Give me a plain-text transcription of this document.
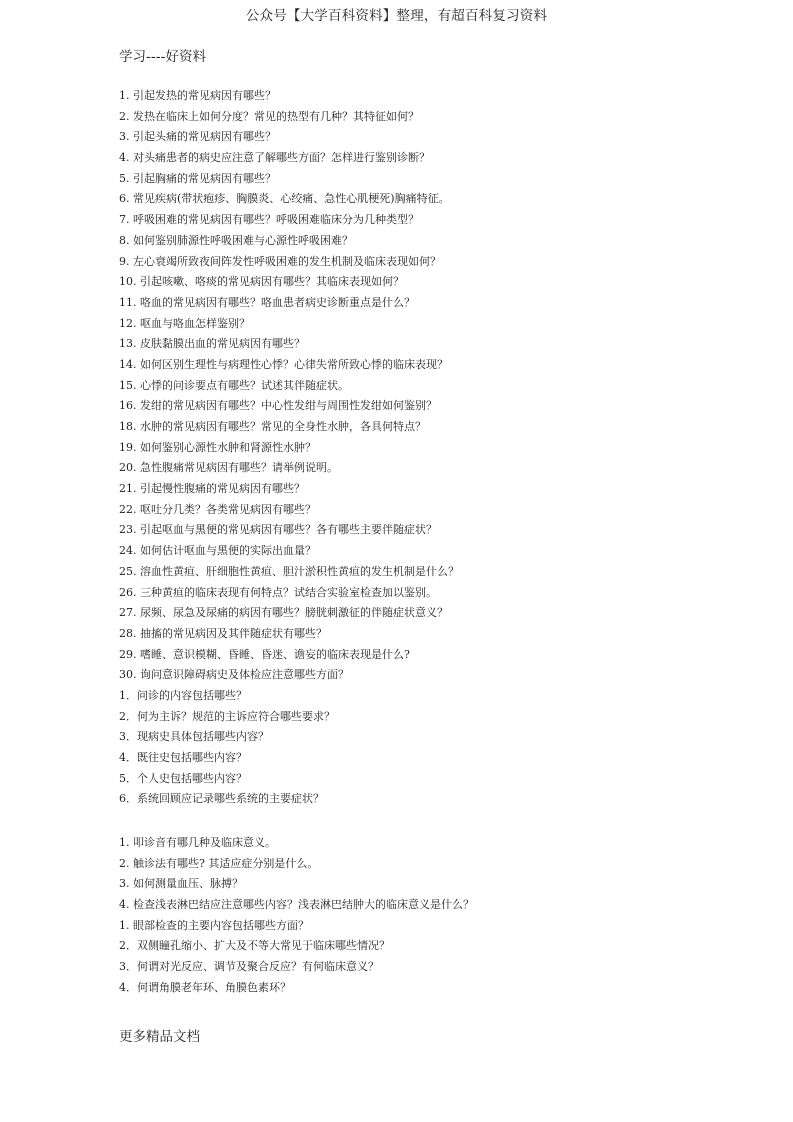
公众号【大学百科资料】整理，有超百科复习资料
学习----好资料
1. 引起发热的常见病因有哪些？
2. 发热在临床上如何分度？常见的热型有几种？其特征如何？
3. 引起头痛的常见病因有哪些？
4. 对头痛患者的病史应注意了解哪些方面？怎样进行鉴别诊断？
5. 引起胸痛的常见病因有哪些？
6. 常见疾病(带状疱疹、胸膜炎、心绞痛、急性心肌梗死)胸痛特征。
7. 呼吸困难的常见病因有哪些？呼吸困难临床分为几种类型？
8. 如何鉴别肺源性呼吸困难与心源性呼吸困难？
9. 左心衰竭所致夜间阵发性呼吸困难的发生机制及临床表现如何？
10. 引起咳嗽、咯痰的常见病因有哪些？其临床表现如何？
11. 咯血的常见病因有哪些？咯血患者病史诊断重点是什么？
12. 呕血与咯血怎样鉴别？
13. 皮肤黏膜出血的常见病因有哪些？
14. 如何区别生理性与病理性心悸？心律失常所致心悸的临床表现？
15. 心悸的问诊要点有哪些？试述其伴随症状。
16. 发绀的常见病因有哪些？中心性发绀与周围性发绀如何鉴别？
18. 水肿的常见病因有哪些？常见的全身性水肿，各具何特点？
19. 如何鉴别心源性水肿和肾源性水肿？
20. 急性腹痛常见病因有哪些？请举例说明。
21. 引起慢性腹痛的常见病因有哪些？
22. 呕吐分几类？各类常见病因有哪些？
23. 引起呕血与黑便的常见病因有哪些？各有哪些主要伴随症状？
24. 如何估计呕血与黑便的实际出血量？
25. 溶血性黄疸、肝细胞性黄疸、胆汁淤积性黄疸的发生机制是什么？
26. 三种黄疸的临床表现有何特点？试结合实验室检查加以鉴别。
27. 尿频、尿急及尿痛的病因有哪些？膀胱刺激征的伴随症状意义？
28. 抽搐的常见病因及其伴随症状有哪些？
29. 嗜睡、意识模糊、昏睡、昏迷、谵妄的临床表现是什么?
30. 询问意识障碍病史及体检应注意哪些方面？
1．问诊的内容包括哪些？
2．何为主诉？规范的主诉应符合哪些要求？
3．现病史具体包括哪些内容？
4．既往史包括哪些内容？
5．个人史包括哪些内容？
6．系统回顾应记录哪些系统的主要症状？
1. 叩诊音有哪几种及临床意义。
2. 触诊法有哪些? 其适应症分别是什么。
3. 如何测量血压、脉搏？
4. 检查浅表淋巴结应注意哪些内容？浅表淋巴结肿大的临床意义是什么？
1. 眼部检查的主要内容包括哪些方面？
2．双侧瞳孔缩小、扩大及不等大常见于临床哪些情况？
3．何谓对光反应、调节及聚合反应？有何临床意义？
4．何谓角膜老年环、角膜色素环？
更多精品文档
